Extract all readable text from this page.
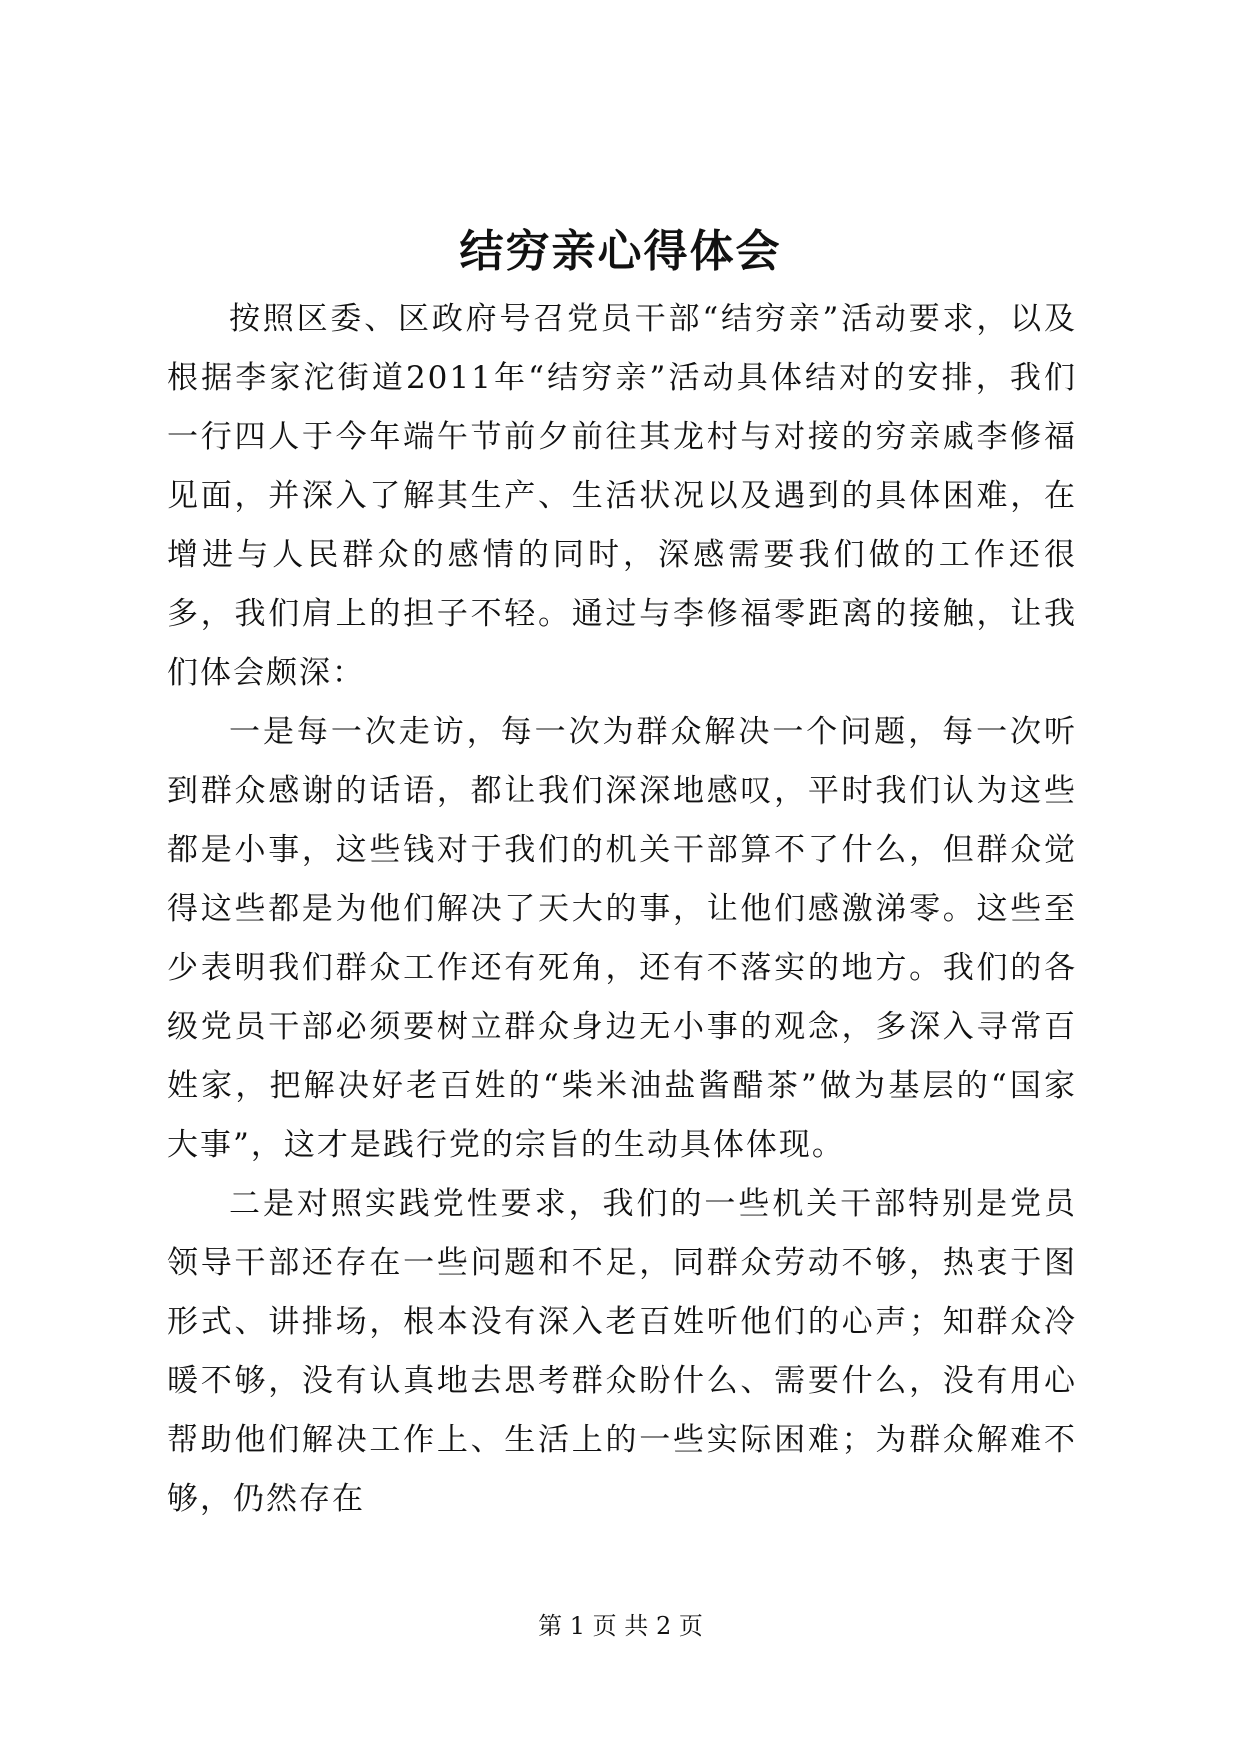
结穷亲心得体会

按照区委、区政府号召党员干部“结穷亲”活动要求，以及根据李家沱街道2011年“结穷亲”活动具体结对的安排，我们一行四人于今年端午节前夕前往其龙村与对接的穷亲戚李修福见面，并深入了解其生产、生活状况以及遇到的具体困难，在增进与人民群众的感情的同时，深感需要我们做的工作还很多，我们肩上的担子不轻。通过与李修福零距离的接触，让我们体会颇深：

一是每一次走访，每一次为群众解决一个问题，每一次听到群众感谢的话语，都让我们深深地感叹，平时我们认为这些都是小事，这些钱对于我们的机关干部算不了什么，但群众觉得这些都是为他们解决了天大的事，让他们感激涕零。这些至少表明我们群众工作还有死角，还有不落实的地方。我们的各级党员干部必须要树立群众身边无小事的观念，多深入寻常百姓家，把解决好老百姓的“柴米油盐酱醋茶”做为基层的“国家大事”，这才是践行党的宗旨的生动具体体现。

二是对照实践党性要求，我们的一些机关干部特别是党员领导干部还存在一些问题和不足，同群众劳动不够，热衷于图形式、讲排场，根本没有深入老百姓听他们的心声；知群众冷暖不够，没有认真地去思考群众盼什么、需要什么，没有用心帮助他们解决工作上、生活上的一些实际困难；为群众解难不够，仍然存在

第 1 页 共 2 页
